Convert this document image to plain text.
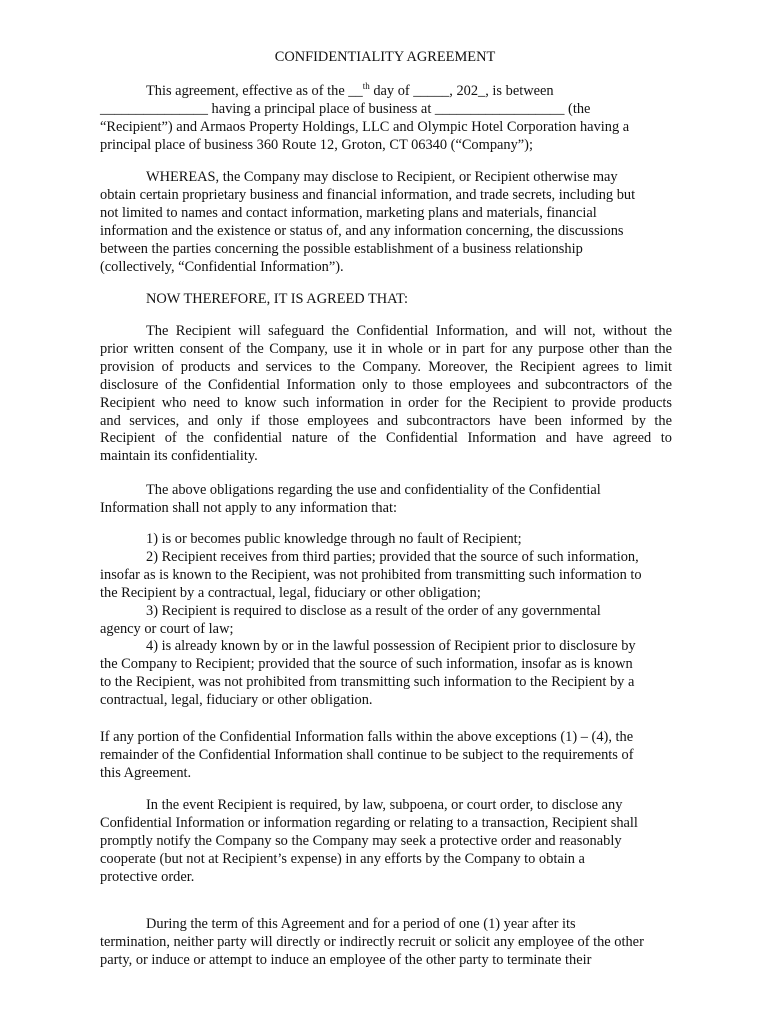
CONFIDENTIALITY AGREEMENT
This agreement, effective as of the __$^{th}$ day of _____, 202_, is between
_______________ having a principal place of business at __________________ (the
“Recipient”) and Armaos Property Holdings, LLC and Olympic Hotel Corporation having a
principal place of business 360 Route 12, Groton, CT 06340 (“Company”);
WHEREAS, the Company may disclose to Recipient, or Recipient otherwise may
obtain certain proprietary business and financial information, and trade secrets, including but
not limited to names and contact information, marketing plans and materials, financial
information and the existence or status of, and any information concerning, the discussions
between the parties concerning the possible establishment of a business relationship
(collectively, “Confidential Information”).
NOW THEREFORE, IT IS AGREED THAT:
The Recipient will safeguard the Confidential Information, and will not, without the
prior written consent of the Company, use it in whole or in part for any purpose other than the
provision of products and services to the Company. Moreover, the Recipient agrees to limit
disclosure of the Confidential Information only to those employees and subcontractors of the
Recipient who need to know such information in order for the Recipient to provide products
and services, and only if those employees and subcontractors have been informed by the
Recipient of the confidential nature of the Confidential Information and have agreed to
maintain its confidentiality.
The above obligations regarding the use and confidentiality of the Confidential
Information shall not apply to any information that:
1) is or becomes public knowledge through no fault of Recipient;
2) Recipient receives from third parties; provided that the source of such information,
insofar as is known to the Recipient, was not prohibited from transmitting such information to
the Recipient by a contractual, legal, fiduciary or other obligation;
3) Recipient is required to disclose as a result of the order of any governmental
agency or court of law;
4) is already known by or in the lawful possession of Recipient prior to disclosure by
the Company to Recipient; provided that the source of such information, insofar as is known
to the Recipient, was not prohibited from transmitting such information to the Recipient by a
contractual, legal, fiduciary or other obligation.
If any portion of the Confidential Information falls within the above exceptions (1) – (4), the
remainder of the Confidential Information shall continue to be subject to the requirements of
this Agreement.
In the event Recipient is required, by law, subpoena, or court order, to disclose any
Confidential Information or information regarding or relating to a transaction, Recipient shall
promptly notify the Company so the Company may seek a protective order and reasonably
cooperate (but not at Recipient’s expense) in any efforts by the Company to obtain a
protective order.
During the term of this Agreement and for a period of one (1) year after its
termination, neither party will directly or indirectly recruit or solicit any employee of the other
party, or induce or attempt to induce an employee of the other party to terminate their
